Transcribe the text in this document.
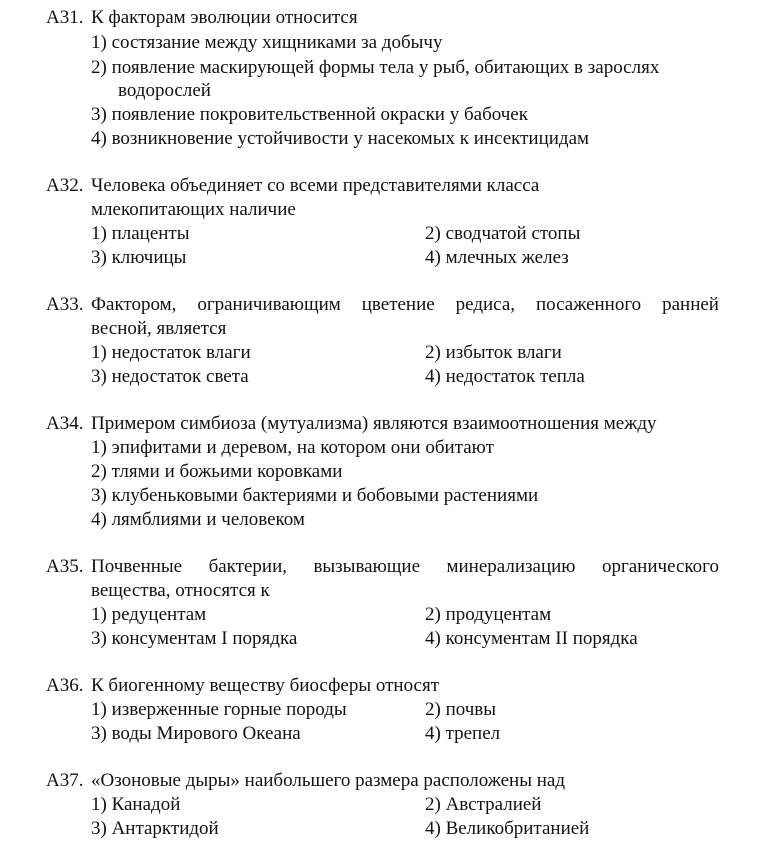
А31. К факторам эволюции относится
1) состязание между хищниками за добычу
2) появление маскирующей формы тела у рыб, обитающих в зарослях
водорослей
3) появление покровительственной окраски у бабочек
4) возникновение устойчивости у насекомых к инсектицидам
А32. Человека объединяет со всеми представителями класса
млекопитающих наличие
1) плаценты	2) сводчатой стопы
3) ключицы	4) млечных желез
А33. Фактором, ограничивающим цветение редиса, посаженного ранней
весной, является
1) недостаток влаги	2) избыток влаги
3) недостаток света	4) недостаток тепла
А34. Примером симбиоза (мутуализма) являются взаимоотношения между
1) эпифитами и деревом, на котором они обитают
2) тлями и божьими коровками
3) клубеньковыми бактериями и бобовыми растениями
4) лямблиями и человеком
А35. Почвенные бактерии, вызывающие минерализацию органического
вещества, относятся к
1) редуцентам	2) продуцентам
3) консументам I порядка	4) консументам II порядка
А36. К биогенному веществу биосферы относят
1) изверженные горные породы	2) почвы
3) воды Мирового Океана	4) трепел
А37. «Озоновые дыры» наибольшего размера расположены над
1) Канадой	2) Австралией
3) Антарктидой	4) Великобританией
